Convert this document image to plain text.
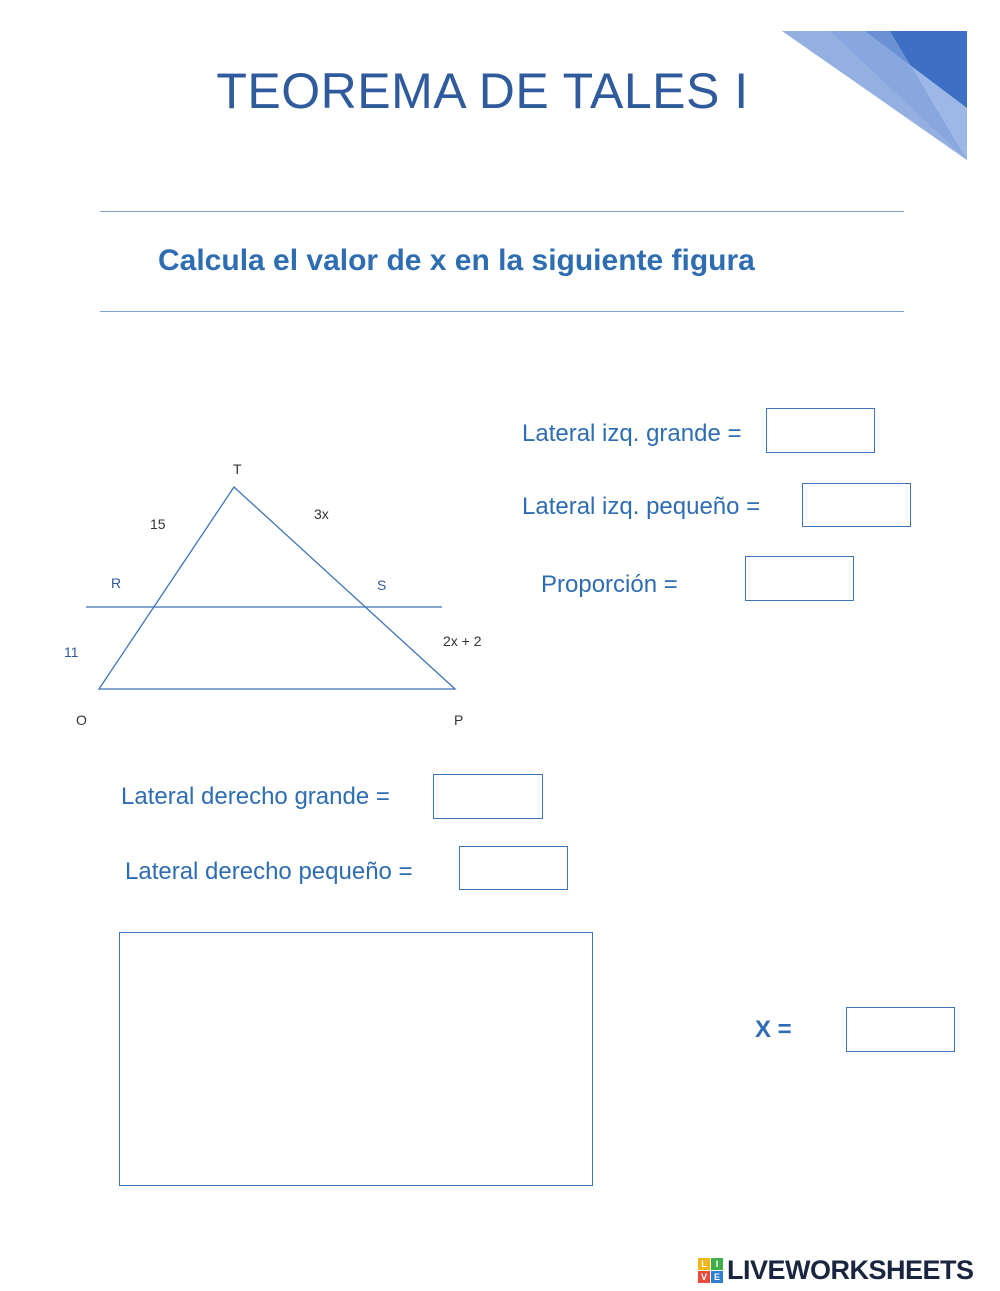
TEOREMA DE TALES I
Calcula el valor de x en la siguiente figura
T
R	S
O	P
15
3x
11
2x + 2
Lateral izq. grande =
Lateral izq. pequeño =
Proporción =
Lateral derecho grande =
Lateral derecho pequeño =
X =
L I
V E LIVEWORKSHEETS
